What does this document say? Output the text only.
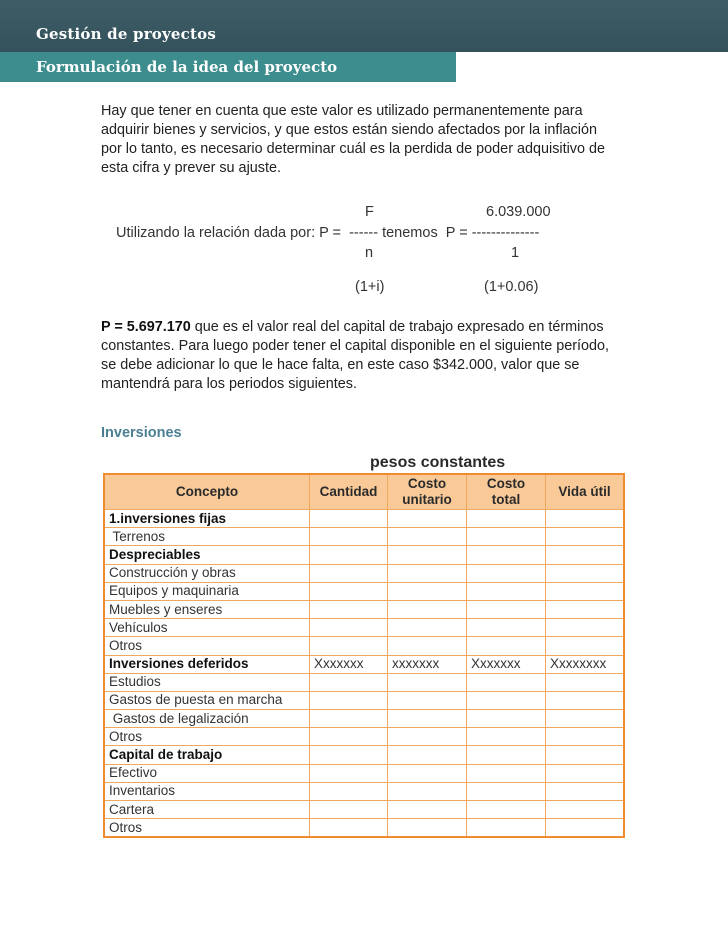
Gestión de proyectos
Formulación de la idea del proyecto
Hay que tener en cuenta que este valor es utilizado permanentemente para adquirir bienes y servicios, y que estos están siendo afectados por la inflación por lo tanto, es necesario determinar cuál es la perdida de poder adquisitivo de esta cifra y prever su ajuste.
F	6.039.000
Utilizando la relación dada por: P =  ------ tenemos  P = --------------
n	1
(1+i)	(1+0.06)
P = 5.697.170 que es el valor real del capital de trabajo expresado en términos constantes. Para luego poder tener el capital disponible en el siguiente período, se debe adicionar lo que le hace falta, en este caso $342.000, valor que se mantendrá para los periodos siguientes.
Inversiones
pesos constantes
Concepto	Cantidad	Costo unitario	Costo total	Vida útil
1.inversiones fijas				
Terrenos				
Despreciables				
Construcción y obras				
Equipos y maquinaria				
Muebles y enseres				
Vehículos				
Otros				
Inversiones deferidos	Xxxxxxx	xxxxxxx	Xxxxxxx	Xxxxxxxx
Estudios				
Gastos de puesta en marcha				
Gastos de legalización				
Otros				
Capital de trabajo				
Efectivo				
Inventarios				
Cartera				
Otros				
